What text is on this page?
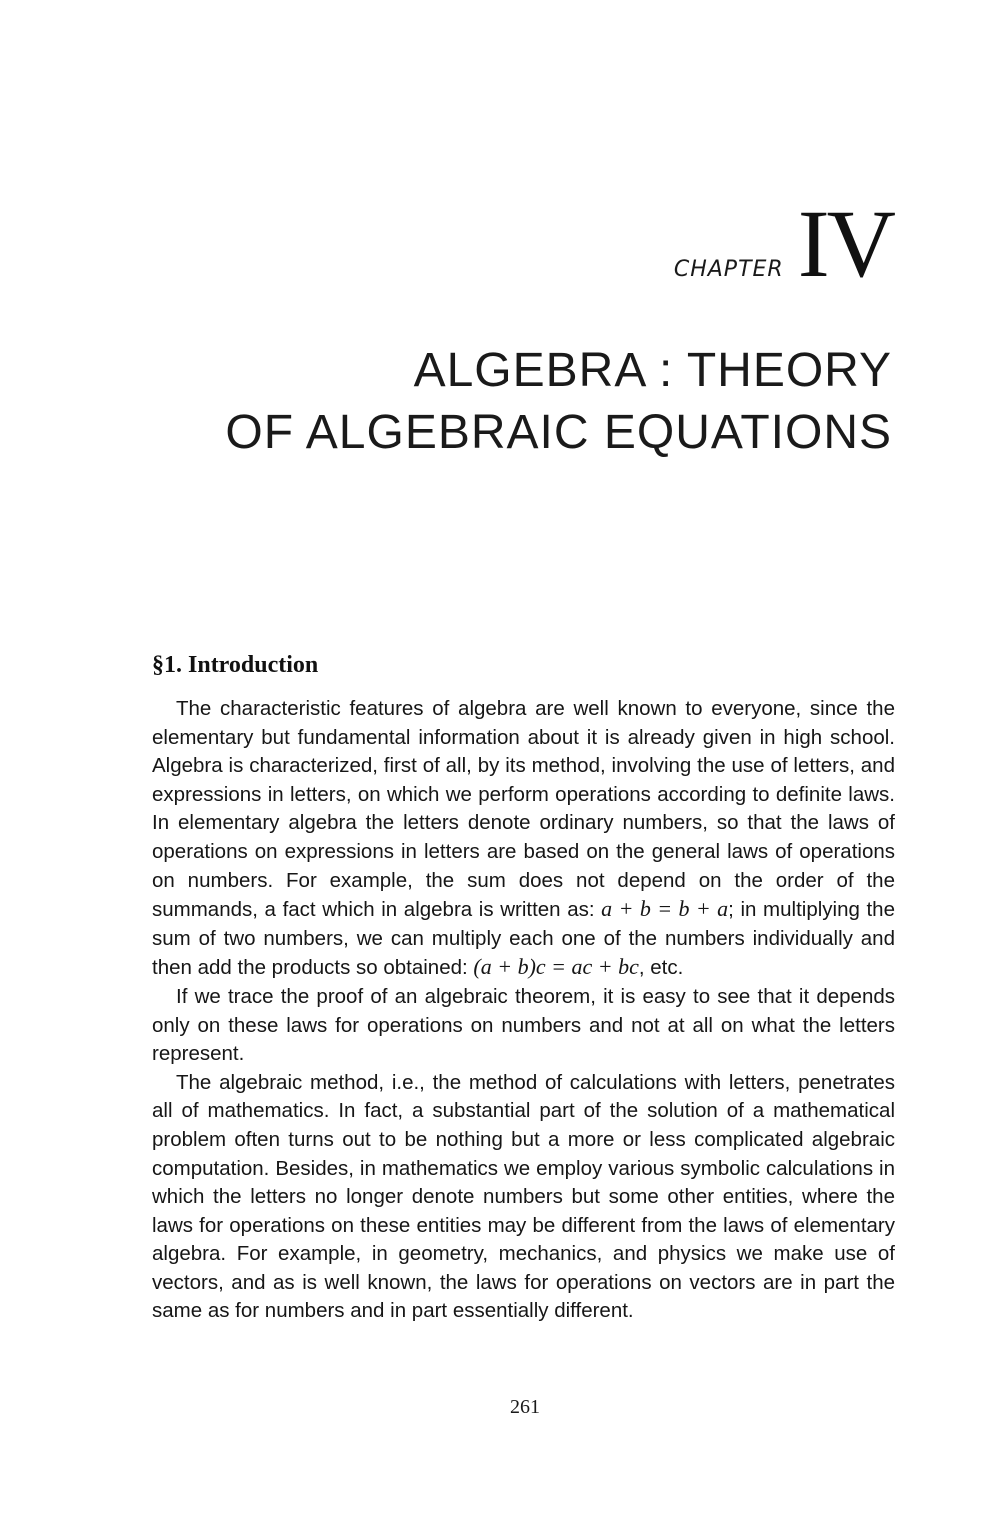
CHAPTER IV
ALGEBRA : THEORY
OF ALGEBRAIC EQUATIONS
§1. Introduction

The characteristic features of algebra are well known to everyone, since the elementary but fundamental information about it is already given in high school. Algebra is characterized, first of all, by its method, involving the use of letters, and expressions in letters, on which we perform operations according to definite laws. In elementary algebra the letters denote ordinary numbers, so that the laws of operations on expressions in letters are based on the general laws of operations on numbers. For example, the sum does not depend on the order of the summands, a fact which in algebra is written as: a + b = b + a; in multiplying the sum of two numbers, we can multiply each one of the numbers individually and then add the products so obtained: (a + b)c = ac + bc, etc.

If we trace the proof of an algebraic theorem, it is easy to see that it depends only on these laws for operations on numbers and not at all on what the letters represent.

The algebraic method, i.e., the method of calculations with letters, penetrates all of mathematics. In fact, a substantial part of the solution of a mathematical problem often turns out to be nothing but a more or less complicated algebraic computation. Besides, in mathematics we employ various symbolic calculations in which the letters no longer denote numbers but some other entities, where the laws for operations on these entities may be different from the laws of elementary algebra. For example, in geometry, mechanics, and physics we make use of vectors, and as is well known, the laws for operations on vectors are in part the same as for numbers and in part essentially different.

261
